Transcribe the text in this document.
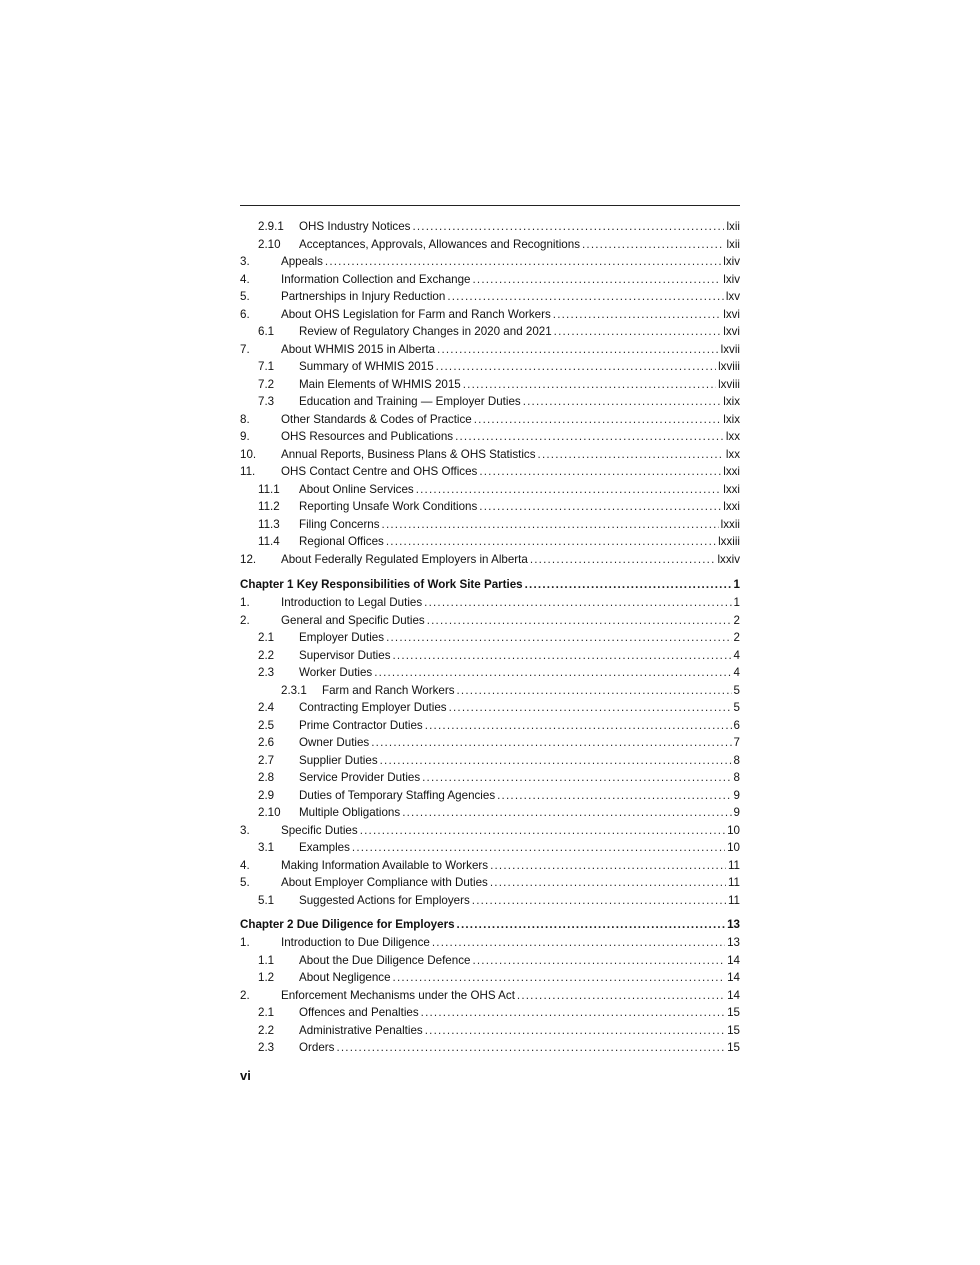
2.9.1	OHS Industry Notices .....	lxii
2.10	Acceptances, Approvals, Allowances and Recognitions .....	lxii
3.	Appeals .....	lxiv
4.	Information Collection and Exchange .....	lxiv
5.	Partnerships in Injury Reduction .....	lxv
6.	About OHS Legislation for Farm and Ranch Workers .....	lxvi
6.1	Review of Regulatory Changes in 2020 and 2021 .....	lxvi
7.	About WHMIS 2015 in Alberta .....	lxvii
7.1	Summary of WHMIS 2015 .....	lxviii
7.2	Main Elements of WHMIS 2015 .....	lxviii
7.3	Education and Training — Employer Duties .....	lxix
8.	Other Standards & Codes of Practice .....	lxix
9.	OHS Resources and Publications .....	lxx
10.	Annual Reports, Business Plans & OHS Statistics .....	lxx
11.	OHS Contact Centre and OHS Offices .....	lxxi
11.1	About Online Services .....	lxxi
11.2	Reporting Unsafe Work Conditions .....	lxxi
11.3	Filing Concerns .....	lxxii
11.4	Regional Offices .....	lxxiii
12.	About Federally Regulated Employers in Alberta .....	lxxiv
Chapter 1 Key Responsibilities of Work Site Parties .....	1
1.	Introduction to Legal Duties .....	1
2.	General and Specific Duties .....	2
2.1	Employer Duties .....	2
2.2	Supervisor Duties .....	4
2.3	Worker Duties .....	4
2.3.1	Farm and Ranch Workers .....	5
2.4	Contracting Employer Duties .....	5
2.5	Prime Contractor Duties .....	6
2.6	Owner Duties .....	7
2.7	Supplier Duties .....	8
2.8	Service Provider Duties .....	8
2.9	Duties of Temporary Staffing Agencies .....	9
2.10	Multiple Obligations .....	9
3.	Specific Duties .....	10
3.1	Examples .....	10
4.	Making Information Available to Workers .....	11
5.	About Employer Compliance with Duties .....	11
5.1	Suggested Actions for Employers .....	11
Chapter 2 Due Diligence for Employers .....	13
1.	Introduction to Due Diligence .....	13
1.1	About the Due Diligence Defence .....	14
1.2	About Negligence .....	14
2.	Enforcement Mechanisms under the OHS Act .....	14
2.1	Offences and Penalties .....	15
2.2	Administrative Penalties .....	15
2.3	Orders .....	15
vi
